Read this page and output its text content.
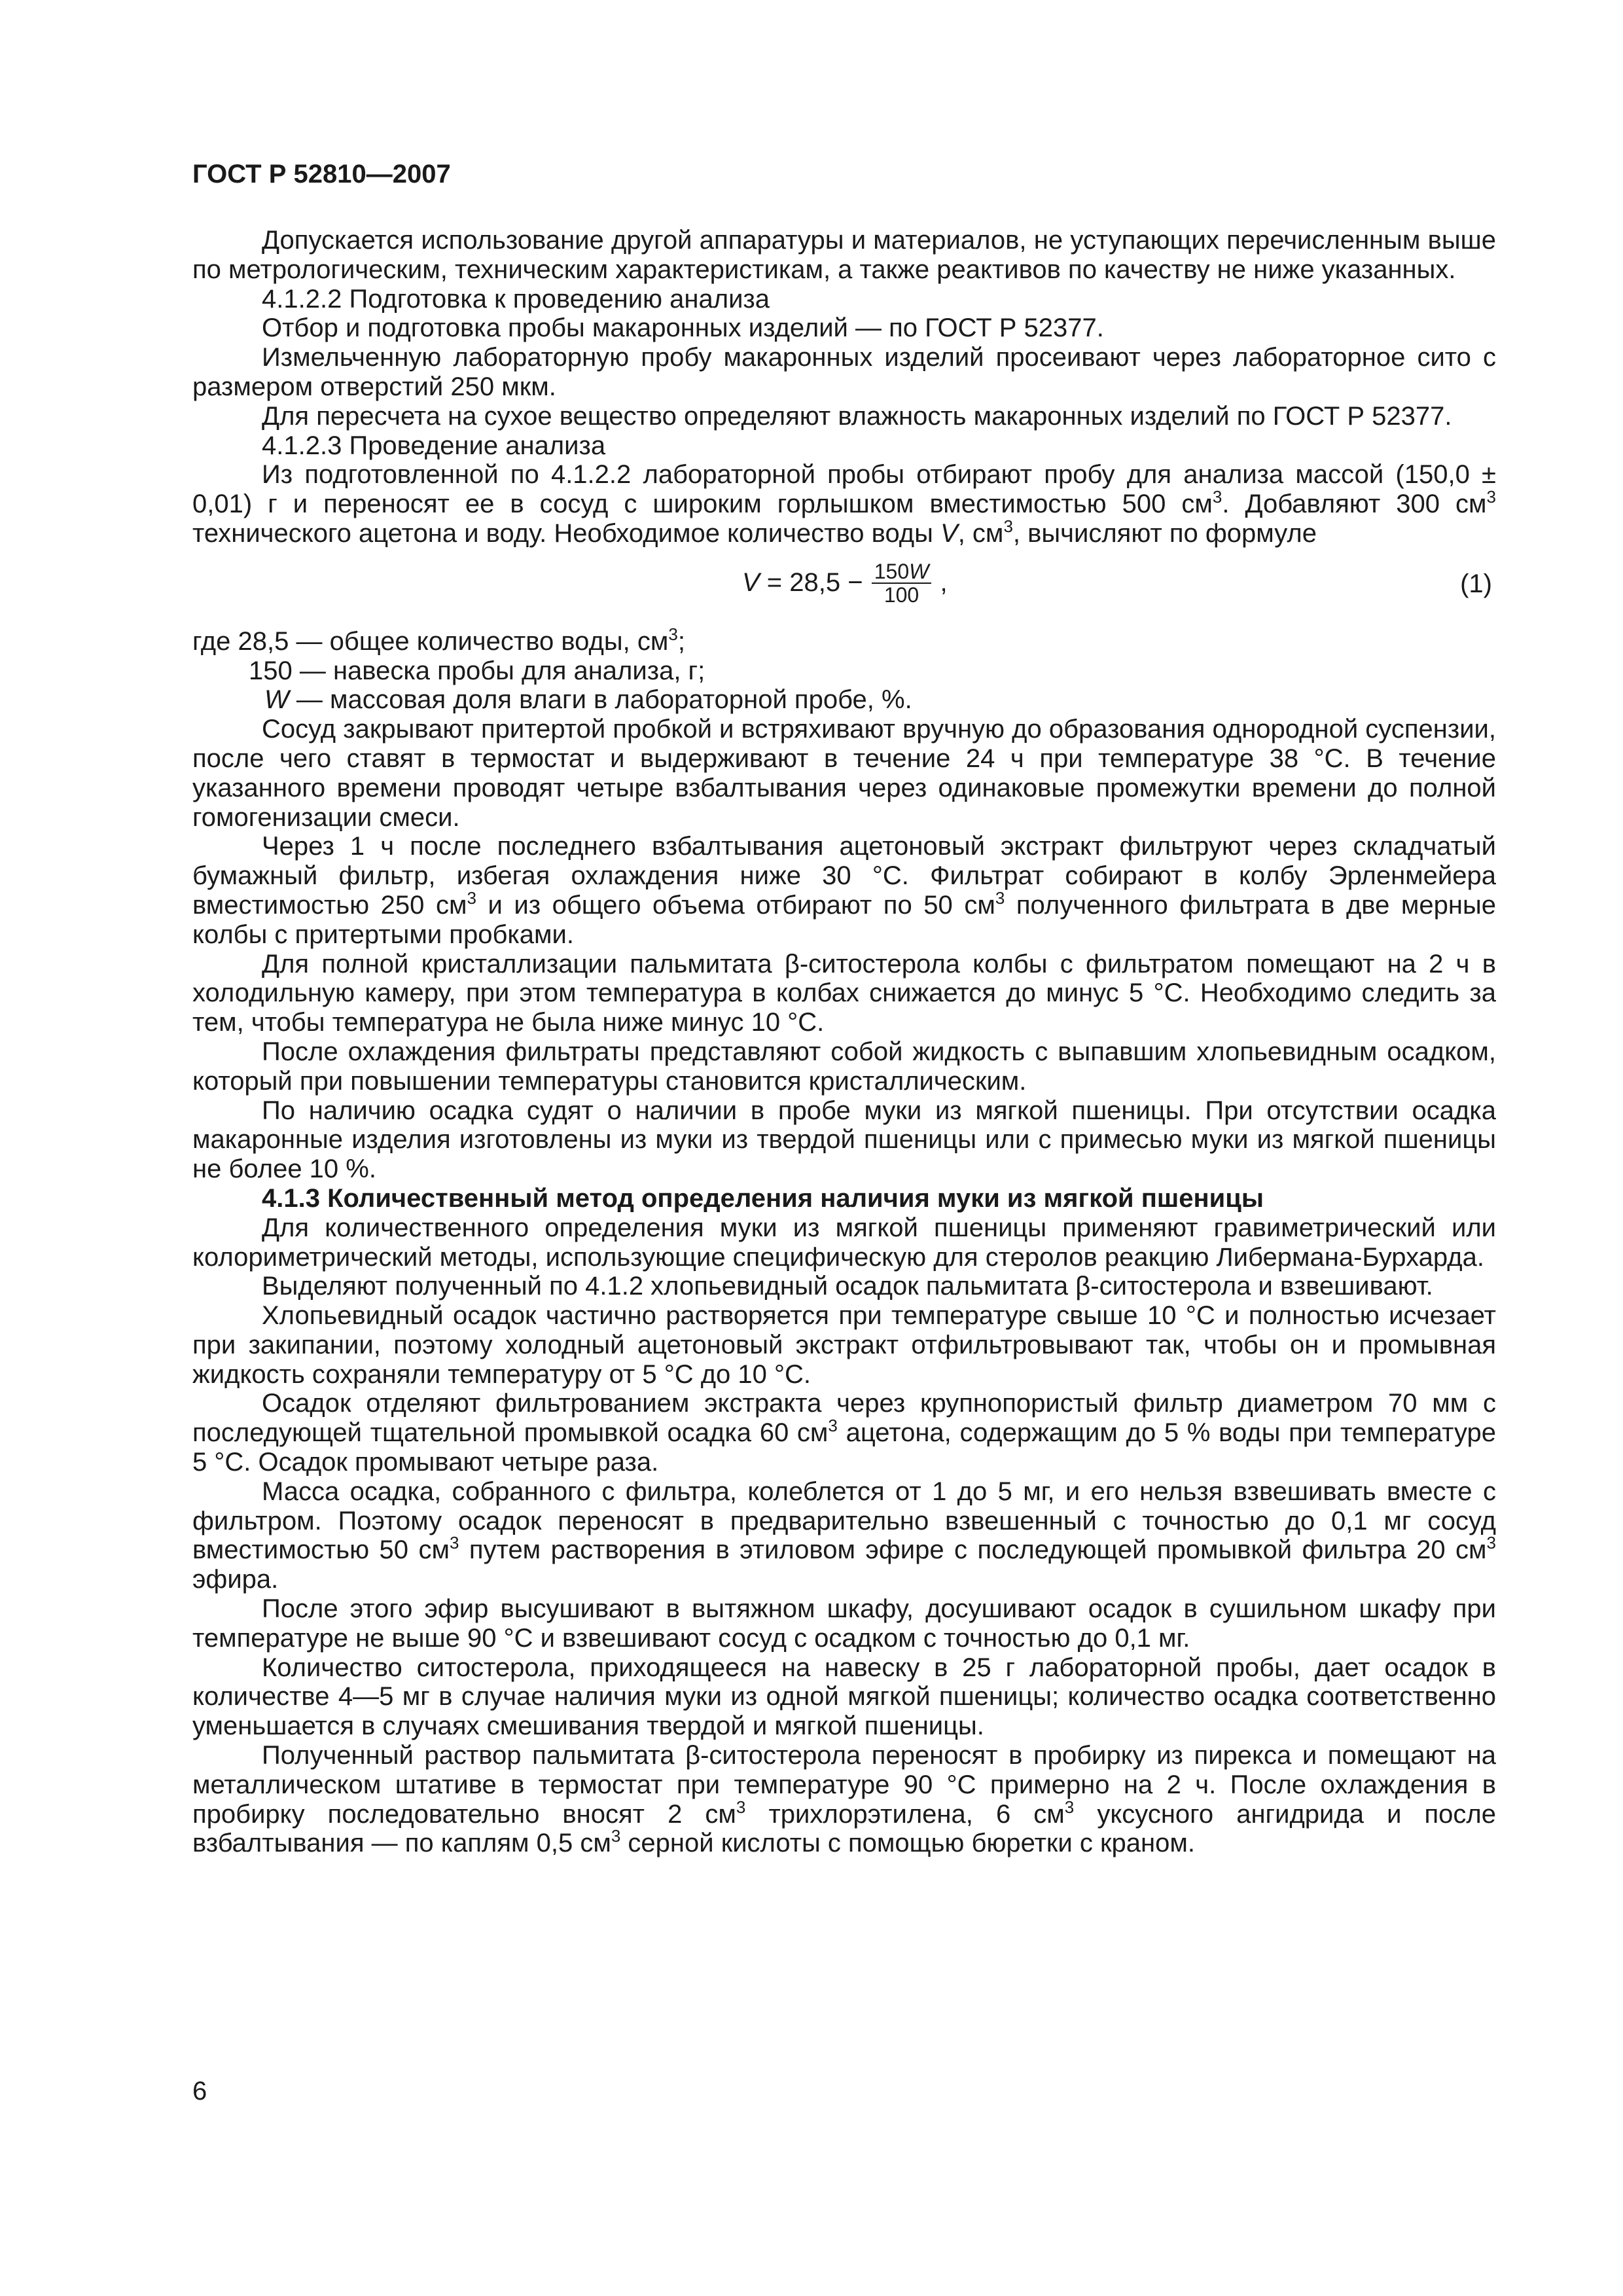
ГОСТ Р 52810—2007

Допускается использование другой аппаратуры и материалов, не уступающих перечисленным выше по метрологическим, техническим характеристикам, а также реактивов по качеству не ниже указанных.

4.1.2.2 Подготовка к проведению анализа

Отбор и подготовка пробы макаронных изделий — по ГОСТ Р 52377.

Измельченную лабораторную пробу макаронных изделий просеивают через лабораторное сито с размером отверстий 250 мкм.

Для пересчета на сухое вещество определяют влажность макаронных изделий по ГОСТ Р 52377.

4.1.2.3 Проведение анализа

Из подготовленной по 4.1.2.2 лабораторной пробы отбирают пробу для анализа массой (150,0 ± 0,01) г и переносят ее в сосуд с широким горлышком вместимостью 500 $см^3$. Добавляют 300 $см^3$ технического ацетона и воду. Необходимое количество воды V, $см^3$, вычисляют по формуле

$V = 28,5 - \frac{150W}{100}$ ,	(1)
где 28,5 — общее количество воды, $см^3$;
150 — навеска пробы для анализа, г;
W — массовая доля влаги в лабораторной пробе, %.

Сосуд закрывают притертой пробкой и встряхивают вручную до образования однородной суспензии, после чего ставят в термостат и выдерживают в течение 24 ч при температуре 38 °С. В течение указанного времени проводят четыре взбалтывания через одинаковые промежутки времени до полной гомогенизации смеси.

Через 1 ч после последнего взбалтывания ацетоновый экстракт фильтруют через складчатый бумажный фильтр, избегая охлаждения ниже 30 °С. Фильтрат собирают в колбу Эрленмейера вместимостью 250 $см^3$ и из общего объема отбирают по 50 $см^3$ полученного фильтрата в две мерные колбы с притертыми пробками.

Для полной кристаллизации пальмитата β-ситостерола колбы с фильтратом помещают на 2 ч в холодильную камеру, при этом температура в колбах снижается до минус 5 °С. Необходимо следить за тем, чтобы температура не была ниже минус 10 °С.

После охлаждения фильтраты представляют собой жидкость с выпавшим хлопьевидным осадком, который при повышении температуры становится кристаллическим.

По наличию осадка судят о наличии в пробе муки из мягкой пшеницы. При отсутствии осадка макаронные изделия изготовлены из муки из твердой пшеницы или с примесью муки из мягкой пшеницы не более 10 %.

4.1.3 Количественный метод определения наличия муки из мягкой пшеницы

Для количественного определения муки из мягкой пшеницы применяют гравиметрический или колориметрический методы, использующие специфическую для стеролов реакцию Либермана-Бурхарда.

Выделяют полученный по 4.1.2 хлопьевидный осадок пальмитата β-ситостерола и взвешивают.

Хлопьевидный осадок частично растворяется при температуре свыше 10 °С и полностью исчезает при закипании, поэтому холодный ацетоновый экстракт отфильтровывают так, чтобы он и промывная жидкость сохраняли температуру от 5 °С до 10 °С.

Осадок отделяют фильтрованием экстракта через крупнопористый фильтр диаметром 70 мм с последующей тщательной промывкой осадка 60 $см^3$ ацетона, содержащим до 5 % воды при температуре 5 °С. Осадок промывают четыре раза.

Масса осадка, собранного с фильтра, колеблется от 1 до 5 мг, и его нельзя взвешивать вместе с фильтром. Поэтому осадок переносят в предварительно взвешенный с точностью до 0,1 мг сосуд вместимостью 50 $см^3$ путем растворения в этиловом эфире с последующей промывкой фильтра 20 $см^3$ эфира.

После этого эфир высушивают в вытяжном шкафу, досушивают осадок в сушильном шкафу при температуре не выше 90 °С и взвешивают сосуд с осадком с точностью до 0,1 мг.

Количество ситостерола, приходящееся на навеску в 25 г лабораторной пробы, дает осадок в количестве 4—5 мг в случае наличия муки из одной мягкой пшеницы; количество осадка соответственно уменьшается в случаях смешивания твердой и мягкой пшеницы.

Полученный раствор пальмитата β-ситостерола переносят в пробирку из пирекса и помещают на металлическом штативе в термостат при температуре 90 °С примерно на 2 ч. После охлаждения в пробирку последовательно вносят 2 $см^3$ трихлорэтилена, 6 $см^3$ уксусного ангидрида и после взбалтывания — по каплям 0,5 $см^3$ серной кислоты с помощью бюретки с краном.

6
